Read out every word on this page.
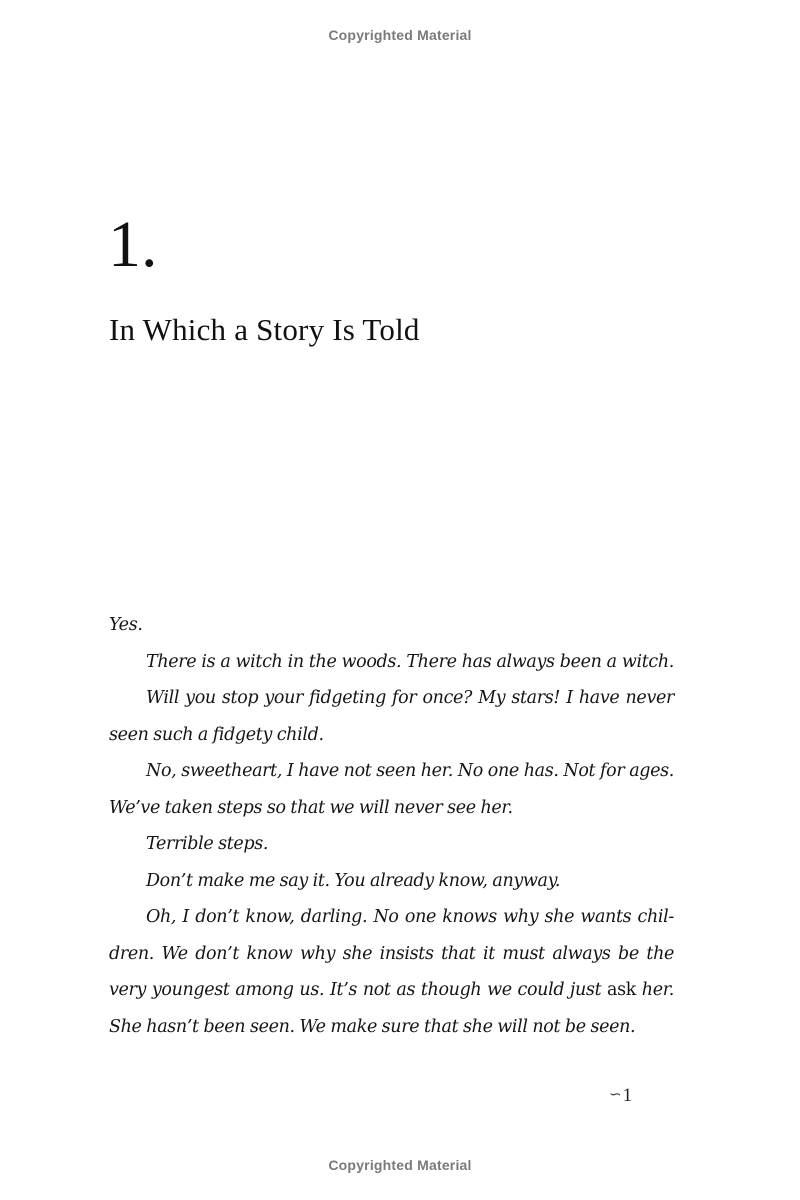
Copyrighted Material
1.
In Which a Story Is Told
Yes.
There is a witch in the woods. There has always been a witch.
Will you stop your fidgeting for once? My stars! I have never
seen such a fidgety child.
No, sweetheart, I have not seen her. No one has. Not for ages.
We’ve taken steps so that we will never see her.
Terrible steps.
Don’t make me say it. You already know, anyway.
Oh, I don’t know, darling. No one knows why she wants chil-
dren. We don’t know why she insists that it must always be the
very youngest among us. It’s not as though we could just ask her.
She hasn’t been seen. We make sure that she will not be seen.
∽1
Copyrighted Material
